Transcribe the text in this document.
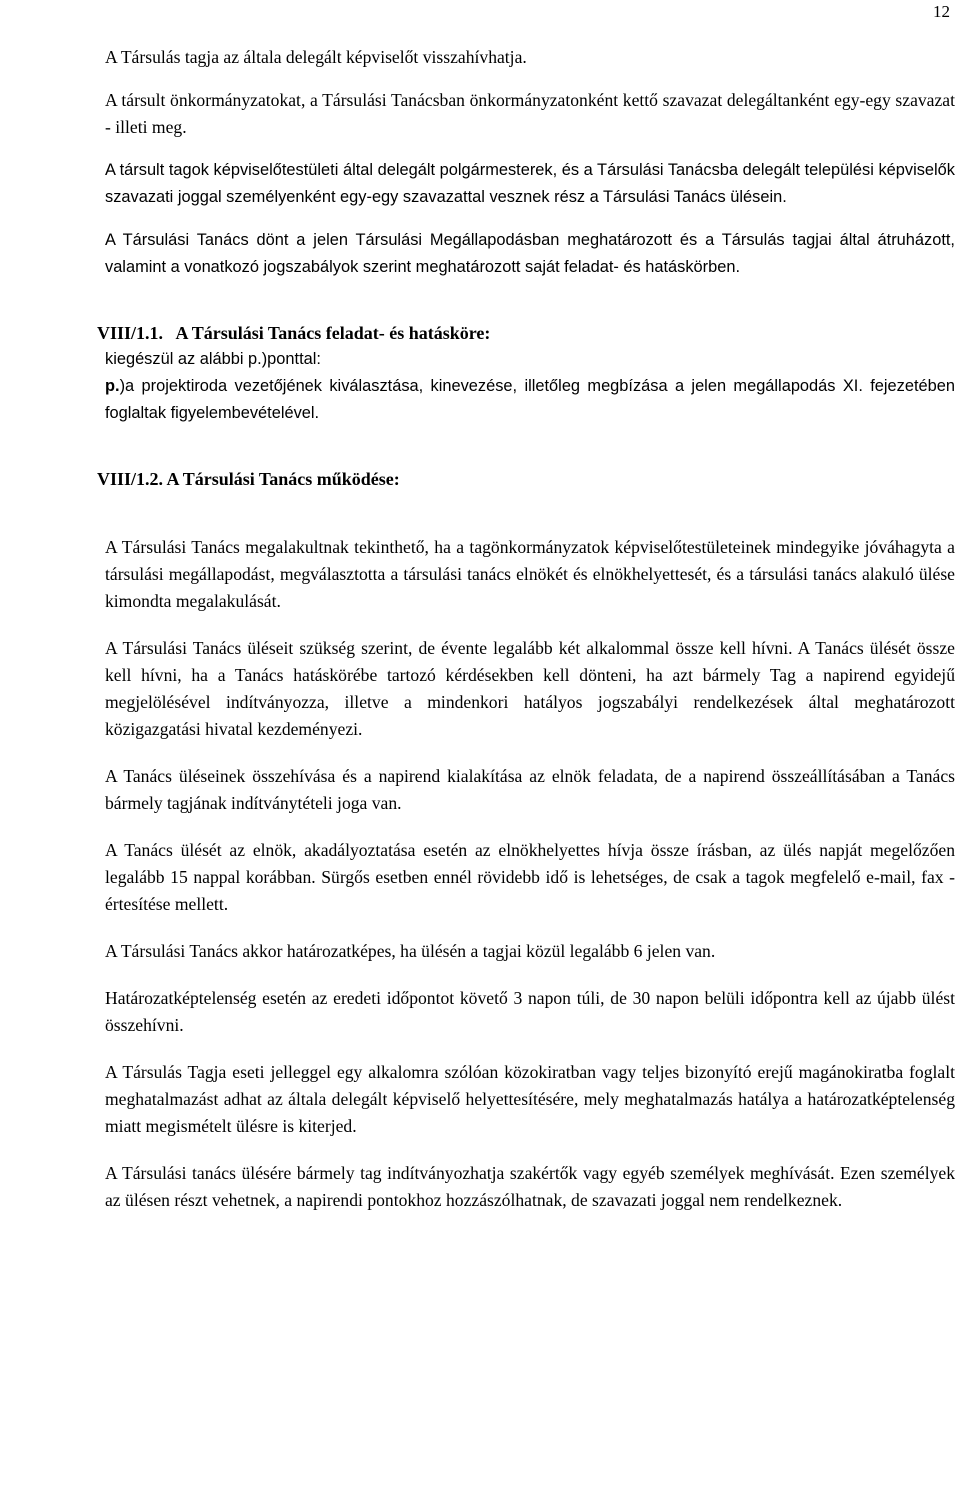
12

A Társulás tagja az általa delegált képviselőt visszahívhatja.

A társult önkormányzatokat, a Társulási Tanácsban önkormányzatonként kettő szavazat delegáltanként egy-egy szavazat - illeti meg.

A társult tagok képviselőtestületi által delegált polgármesterek, és a Társulási Tanácsba delegált települési képviselők szavazati joggal személyenként egy-egy szavazattal vesznek rész a Társulási Tanács ülésein.

A Társulási Tanács dönt a jelen Társulási Megállapodásban meghatározott és a Társulás tagjai által átruházott, valamint a vonatkozó jogszabályok szerint meghatározott saját feladat- és hatáskörben.

VIII/1.1.   A Társulási Tanács feladat- és hatásköre:

kiegészül az alábbi p.)ponttal:

p.)a projektiroda vezetőjének kiválasztása, kinevezése, illetőleg megbízása a jelen megállapodás XI. fejezetében foglaltak figyelembevételével.

VIII/1.2. A Társulási Tanács működése:

A Társulási Tanács megalakultnak tekinthető, ha a tagönkormányzatok képviselőtestületeinek mindegyike jóváhagyta a társulási megállapodást, megválasztotta a társulási tanács elnökét és elnökhelyettesét, és a társulási tanács alakuló ülése kimondta megalakulását.

A Társulási Tanács üléseit szükség szerint, de évente legalább két alkalommal össze kell hívni. A Tanács ülését össze kell hívni, ha a Tanács hatáskörébe tartozó kérdésekben kell dönteni, ha azt bármely Tag a napirend egyidejű megjelölésével indítványozza, illetve a mindenkori hatályos jogszabályi rendelkezések által meghatározott közigazgatási hivatal kezdeményezi.

A Tanács üléseinek összehívása és a napirend kialakítása az elnök feladata, de a napirend összeállításában a Tanács bármely tagjának indítványtételi joga van.

A Tanács ülését az elnök, akadályoztatása esetén az elnökhelyettes hívja össze írásban, az ülés napját megelőzően legalább 15 nappal korábban. Sürgős esetben ennél rövidebb idő is lehetséges, de csak a tagok megfelelő e-mail, fax - értesítése mellett.

A Társulási Tanács akkor határozatképes, ha ülésén a tagjai közül legalább 6 jelen van.

Határozatképtelenség esetén az eredeti időpontot követő 3 napon túli, de 30 napon belüli időpontra kell az újabb ülést összehívni.

A Társulás Tagja eseti jelleggel egy alkalomra szólóan közokiratban vagy teljes bizonyító erejű magánokiratba foglalt meghatalmazást adhat az általa delegált képviselő helyettesítésére, mely meghatalmazás hatálya a határozatképtelenség miatt megismételt ülésre is kiterjed.

A Társulási tanács ülésére bármely tag indítványozhatja szakértők vagy egyéb személyek meghívását. Ezen személyek az ülésen részt vehetnek, a napirendi pontokhoz hozzászólhatnak, de szavazati joggal nem rendelkeznek.
